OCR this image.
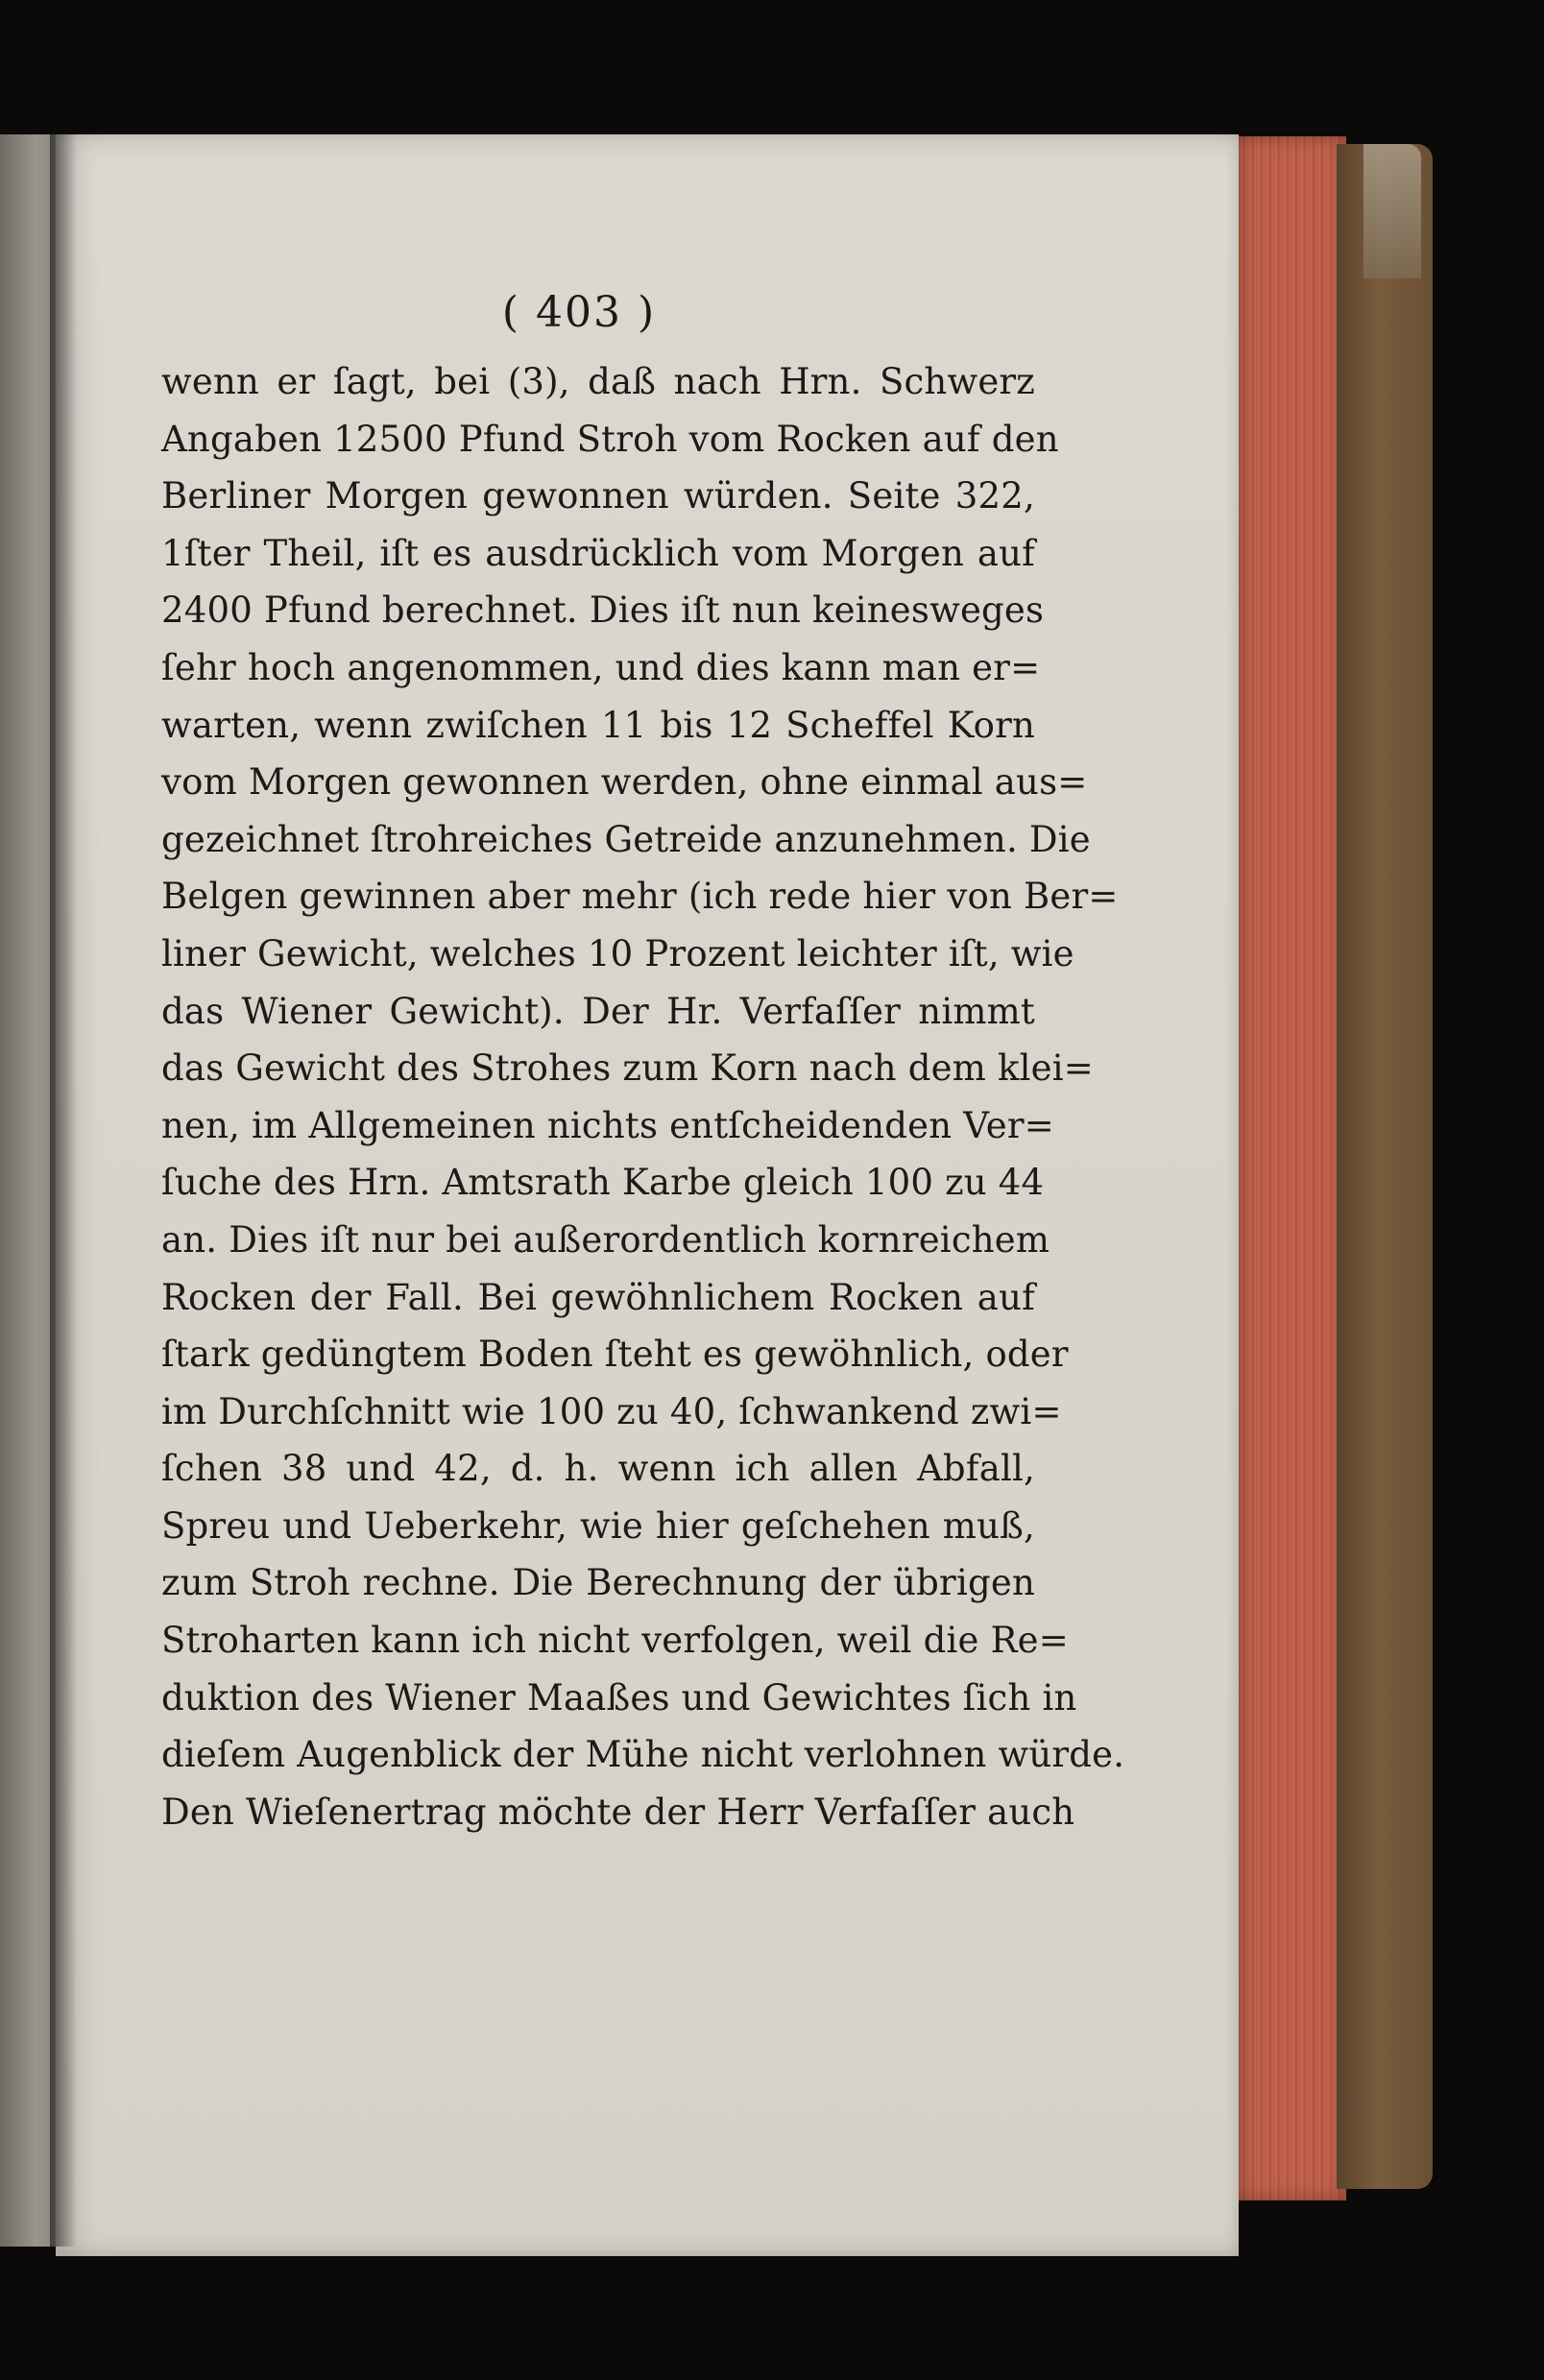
( 403 )
wenn er ſagt, bei (3), daß nach Hrn. Schwerz
Angaben 12500 Pfund Stroh vom Rocken auf den
Berliner Morgen gewonnen würden. Seite 322,
1ſter Theil, iſt es ausdrücklich vom Morgen auf
2400 Pfund berechnet. Dies iſt nun keinesweges
ſehr hoch angenommen, und dies kann man er=
warten, wenn zwiſchen 11 bis 12 Scheffel Korn
vom Morgen gewonnen werden, ohne einmal aus=
gezeichnet ſtrohreiches Getreide anzunehmen. Die
Belgen gewinnen aber mehr (ich rede hier von Ber=
liner Gewicht, welches 10 Prozent leichter iſt, wie
das Wiener Gewicht). Der Hr. Verfaſſer nimmt
das Gewicht des Strohes zum Korn nach dem klei=
nen, im Allgemeinen nichts entſcheidenden Ver=
ſuche des Hrn. Amtsrath Karbe gleich 100 zu 44
an. Dies iſt nur bei außerordentlich kornreichem
Rocken der Fall. Bei gewöhnlichem Rocken auf
ſtark gedüngtem Boden ſteht es gewöhnlich, oder
im Durchſchnitt wie 100 zu 40, ſchwankend zwi=
ſchen 38 und 42, d. h. wenn ich allen Abfall,
Spreu und Ueberkehr, wie hier geſchehen muß,
zum Stroh rechne. Die Berechnung der übrigen
Stroharten kann ich nicht verfolgen, weil die Re=
duktion des Wiener Maaßes und Gewichtes ſich in
dieſem Augenblick der Mühe nicht verlohnen würde.
Den Wieſenertrag möchte der Herr Verfaſſer auch
